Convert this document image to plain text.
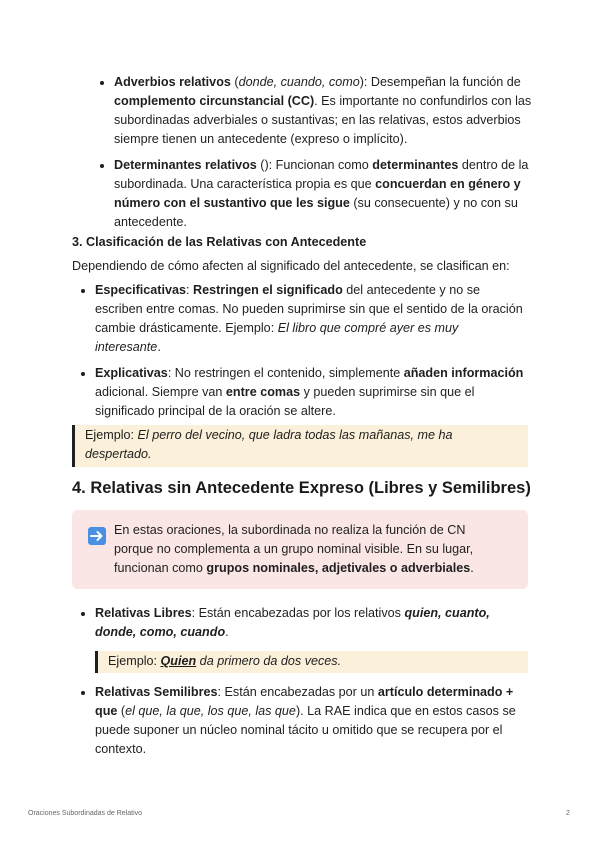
Adverbios relativos (donde, cuando, como): Desempeñan la función de complemento circunstancial (CC). Es importante no confundirlos con las subordinadas adverbiales o sustantivas; en las relativas, estos adverbios siempre tienen un antecedente (expreso o implícito).
Determinantes relativos (): Funcionan como determinantes dentro de la subordinada. Una característica propia es que concuerdan en género y número con el sustantivo que les sigue (su consecuente) y no con su antecedente.
3. Clasificación de las Relativas con Antecedente

Dependiendo de cómo afecten al significado del antecedente, se clasifican en:

Especificativas: Restringen el significado del antecedente y no se escriben entre comas. No pueden suprimirse sin que el sentido de la oración cambie drásticamente. Ejemplo: El libro que compré ayer es muy interesante.
Explicativas: No restringen el contenido, simplemente añaden información adicional. Siempre van entre comas y pueden suprimirse sin que el significado principal de la oración se altere.
Ejemplo: El perro del vecino, que ladra todas las mañanas, me ha despertado.
4. Relativas sin Antecedente Expreso (Libres y Semilibres)
En estas oraciones, la subordinada no realiza la función de CN porque no complementa a un grupo nominal visible. En su lugar, funcionan como grupos nominales, adjetivales o adverbiales.
Relativas Libres: Están encabezadas por los relativos quien, cuanto, donde, como, cuando.
Ejemplo: Quien da primero da dos veces.
Relativas Semilibres: Están encabezadas por un artículo determinado + que (el que, la que, los que, las que). La RAE indica que en estos casos se puede suponer un núcleo nominal tácito u omitido que se recupera por el contexto.
Oraciones Subordinadas de Relativo	2
